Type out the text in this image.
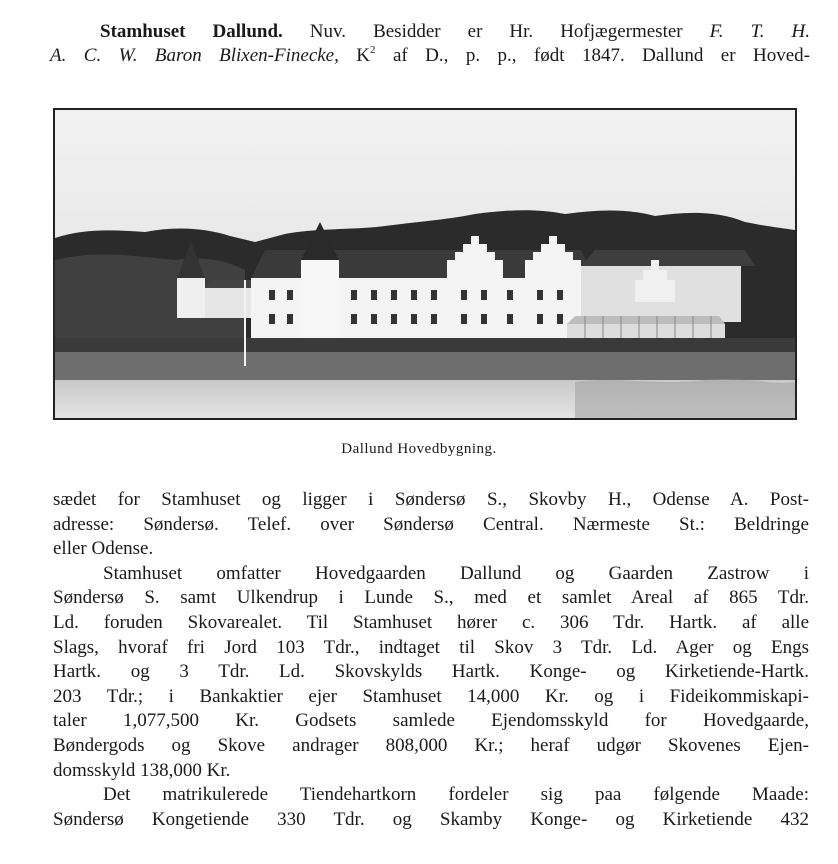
Stamhuset Dallund. Nuv. Besidder er Hr. Hofjægermester F. T. H.
A. C. W. Baron Blixen-Finecke, $K^2$ af D., p. p., født 1847. Dallund er Hoved-
Dallund Hovedbygning.
sædet for Stamhuset og ligger i Søndersø S., Skovby H., Odense A. Post-
adresse: Søndersø. Telef. over Søndersø Central. Nærmeste St.: Beldringe
eller Odense.
Stamhuset omfatter Hovedgaarden Dallund og Gaarden Zastrow i
Søndersø S. samt Ulkendrup i Lunde S., med et samlet Areal af 865 Tdr.
Ld. foruden Skovarealet. Til Stamhuset hører c. 306 Tdr. Hartk. af alle
Slags, hvoraf fri Jord 103 Tdr., indtaget til Skov 3 Tdr. Ld. Ager og Engs
Hartk. og 3 Tdr. Ld. Skovskylds Hartk. Konge- og Kirketiende-Hartk.
203 Tdr.; i Bankaktier ejer Stamhuset 14,000 Kr. og i Fideikommiskapi-
taler 1,077,500 Kr. Godsets samlede Ejendomsskyld for Hovedgaarde,
Bøndergods og Skove andrager 808,000 Kr.; heraf udgør Skovenes Ejen-
domsskyld 138,000 Kr.
Det matrikulerede Tiendehartkorn fordeler sig paa følgende Maade:
Søndersø Kongetiende 330 Tdr. og Skamby Konge- og Kirketiende 432
